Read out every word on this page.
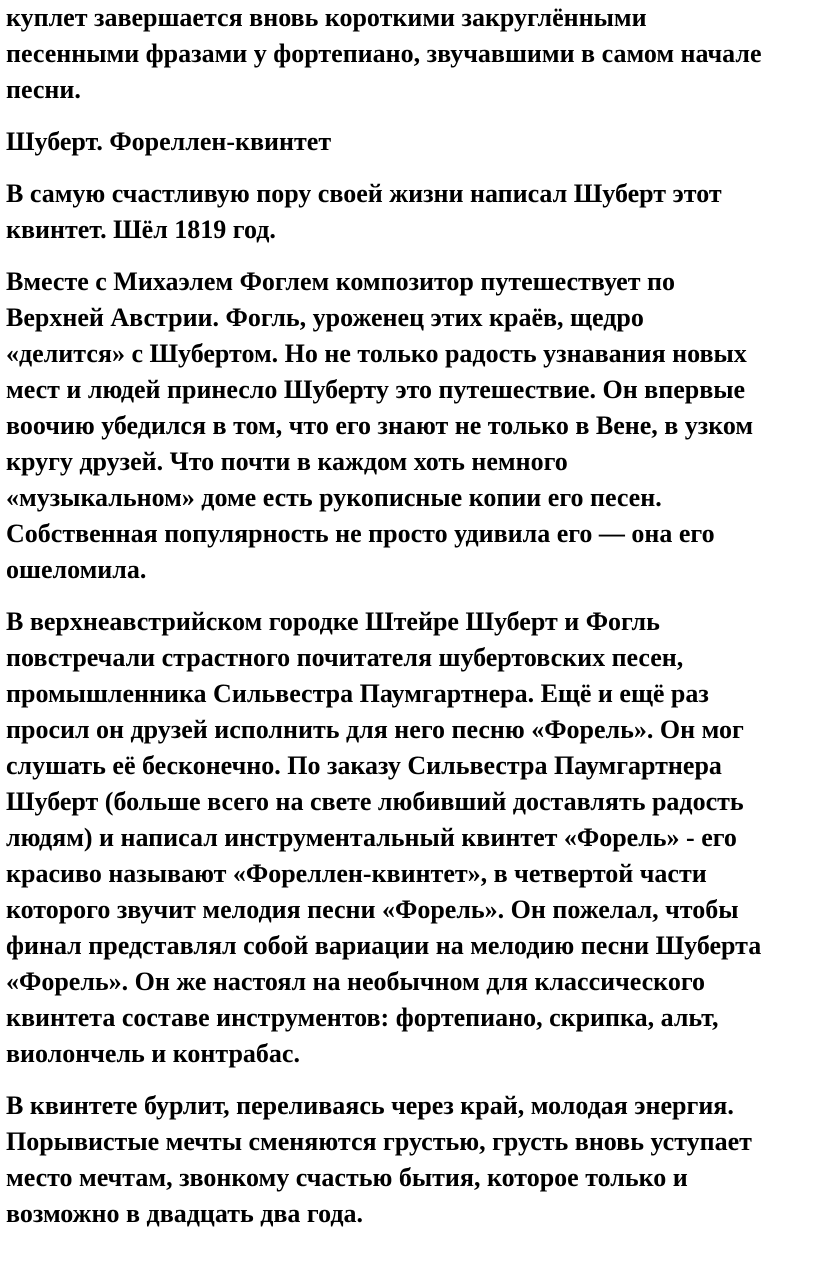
куплет завершается вновь короткими закруглёнными
песенными фразами у фортепиано, звучавшими в самом начале
песни.
Шуберт. Фореллен-квинтет
В самую счастливую пору своей жизни написал Шуберт этот
квинтет. Шёл 1819 год.
Вместе с Михаэлем Фоглем композитор путешествует по
Верхней Австрии. Фогль, уроженец этих краёв, щедро
«делится» с Шубертом. Но не только радость узнавания новых
мест и людей принесло Шуберту это путешествие. Он впервые
воочию убедился в том, что его знают не только в Вене, в узком
кругу друзей. Что почти в каждом хоть немного
«музыкальном» доме есть рукописные копии его песен.
Собственная популярность не просто удивила его — она его
ошеломила.
В верхнеавстрийском городке Штейре Шуберт и Фогль
повстречали страстного почитателя шубертовских песен,
промышленника Сильвестра Паумгартнера. Ещё и ещё раз
просил он друзей исполнить для него песню «Форель». Он мог
слушать её бесконечно. По заказу Сильвестра Паумгартнера
Шуберт (больше всего на свете любивший доставлять радость
людям) и написал инструментальный квинтет «Форель» - его
красиво называют «Фореллен-квинтет», в четвертой части
которого звучит мелодия песни «Форель». Он пожелал, чтобы
финал представлял собой вариации на мелодию песни Шуберта
«Форель». Он же настоял на необычном для классического
квинтета составе инструментов: фортепиано, скрипка, альт,
виолончель и контрабас.
В квинтете бурлит, переливаясь через край, молодая энергия.
Порывистые мечты сменяются грустью, грусть вновь уступает
место мечтам, звонкому счастью бытия, которое только и
возможно в двадцать два года.
